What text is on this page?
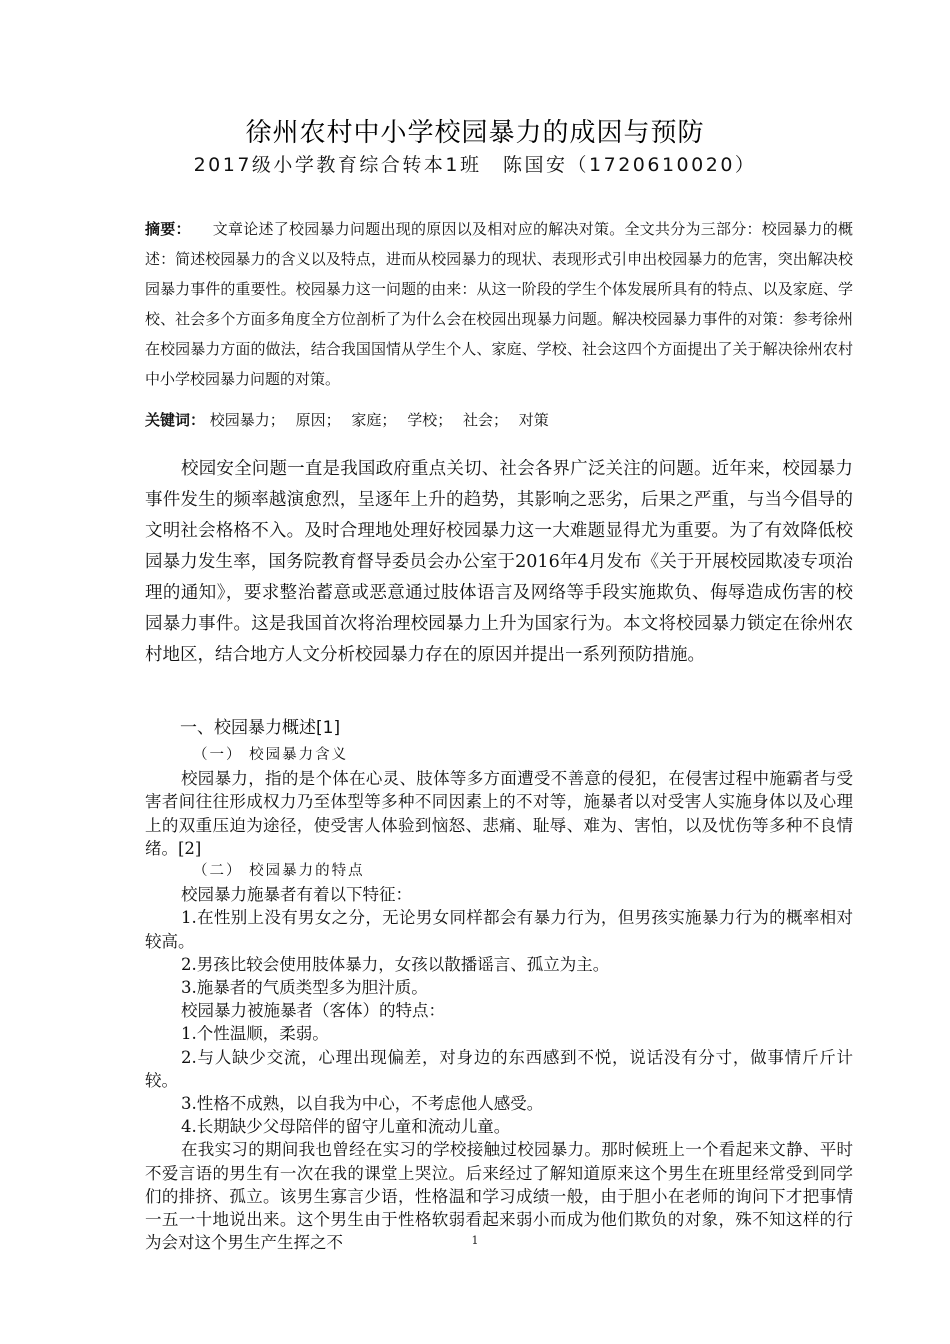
徐州农村中小学校园暴力的成因与预防
2017级小学教育综合转本1班　陈国安（1720610020）
摘要： 文章论述了校园暴力问题出现的原因以及相对应的解决对策。全文共分为三部分：校园暴力的概述：简述校园暴力的含义以及特点，进而从校园暴力的现状、表现形式引申出校园暴力的危害，突出解决校园暴力事件的重要性。校园暴力这一问题的由来：从这一阶段的学生个体发展所具有的特点、以及家庭、学校、社会多个方面多角度全方位剖析了为什么会在校园出现暴力问题。解决校园暴力事件的对策：参考徐州在校园暴力方面的做法，结合我国国情从学生个人、家庭、学校、社会这四个方面提出了关于解决徐州农村中小学校园暴力问题的对策。
关键词： 校园暴力； 原因； 家庭； 学校； 社会； 对策
校园安全问题一直是我国政府重点关切、社会各界广泛关注的问题。近年来，校园暴力事件发生的频率越演愈烈，呈逐年上升的趋势，其影响之恶劣，后果之严重，与当今倡导的文明社会格格不入。及时合理地处理好校园暴力这一大难题显得尤为重要。为了有效降低校园暴力发生率，国务院教育督导委员会办公室于2016年4月发布《关于开展校园欺凌专项治理的通知》，要求整治蓄意或恶意通过肢体语言及网络等手段实施欺负、侮辱造成伤害的校园暴力事件。这是我国首次将治理校园暴力上升为国家行为。本文将校园暴力锁定在徐州农村地区，结合地方人文分析校园暴力存在的原因并提出一系列预防措施。
一、校园暴力概述[1]

（一） 校园暴力含义

校园暴力，指的是个体在心灵、肢体等多方面遭受不善意的侵犯，在侵害过程中施霸者与受害者间往往形成权力乃至体型等多种不同因素上的不对等，施暴者以对受害人实施身体以及心理上的双重压迫为途径，使受害人体验到恼怒、悲痛、耻辱、难为、害怕，以及忧伤等多种不良情绪。[2]

（二） 校园暴力的特点

校园暴力施暴者有着以下特征：

1.在性别上没有男女之分，无论男女同样都会有暴力行为，但男孩实施暴力行为的概率相对较高。

2.男孩比较会使用肢体暴力，女孩以散播谣言、孤立为主。

3.施暴者的气质类型多为胆汁质。

校园暴力被施暴者（客体）的特点：

1.个性温顺，柔弱。

2.与人缺少交流，心理出现偏差，对身边的东西感到不悦，说话没有分寸，做事情斤斤计较。

3.性格不成熟，以自我为中心，不考虑他人感受。

4.长期缺少父母陪伴的留守儿童和流动儿童。

在我实习的期间我也曾经在实习的学校接触过校园暴力。那时候班上一个看起来文静、平时不爱言语的男生有一次在我的课堂上哭泣。后来经过了解知道原来这个男生在班里经常受到同学们的排挤、孤立。该男生寡言少语，性格温和学习成绩一般，由于胆小在老师的询问下才把事情一五一十地说出来。这个男生由于性格软弱看起来弱小而成为他们欺负的对象，殊不知这样的行为会对这个男生产生挥之不	1
